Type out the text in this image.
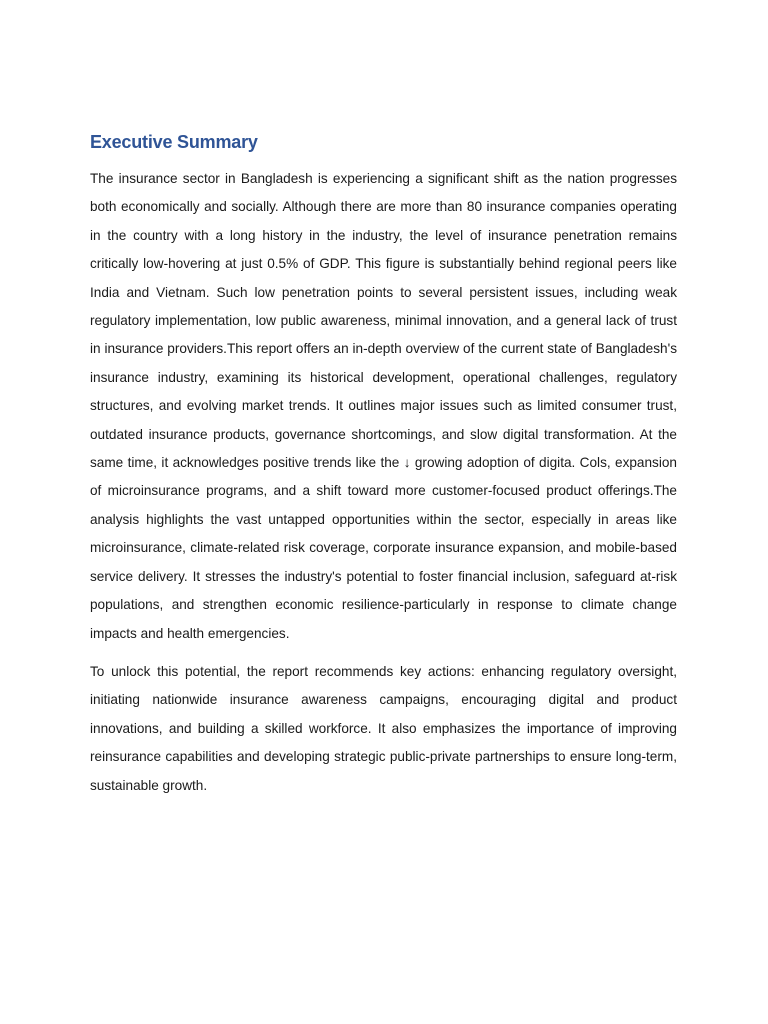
Executive Summary

The insurance sector in Bangladesh is experiencing a significant shift as the nation progresses both economically and socially. Although there are more than 80 insurance companies operating in the country with a long history in the industry, the level of insurance penetration remains critically low-hovering at just 0.5% of GDP. This figure is substantially behind regional peers like India and Vietnam. Such low penetration points to several persistent issues, including weak regulatory implementation, low public awareness, minimal innovation, and a general lack of trust in insurance providers.This report offers an in-depth overview of the current state of Bangladesh's insurance industry, examining its historical development, operational challenges, regulatory structures, and evolving market trends. It outlines major issues such as limited consumer trust, outdated insurance products, governance shortcomings, and slow digital transformation. At the same time, it acknowledges positive trends like the ↓ growing adoption of digita. Cols, expansion of microinsurance programs, and a shift toward more customer-focused product offerings.The analysis highlights the vast untapped opportunities within the sector, especially in areas like microinsurance, climate-related risk coverage, corporate insurance expansion, and mobile-based service delivery. It stresses the industry's potential to foster financial inclusion, safeguard at-risk populations, and strengthen economic resilience-particularly in response to climate change impacts and health emergencies.

To unlock this potential, the report recommends key actions: enhancing regulatory oversight, initiating nationwide insurance awareness campaigns, encouraging digital and product innovations, and building a skilled workforce. It also emphasizes the importance of improving reinsurance capabilities and developing strategic public-private partnerships to ensure long-term, sustainable growth.
